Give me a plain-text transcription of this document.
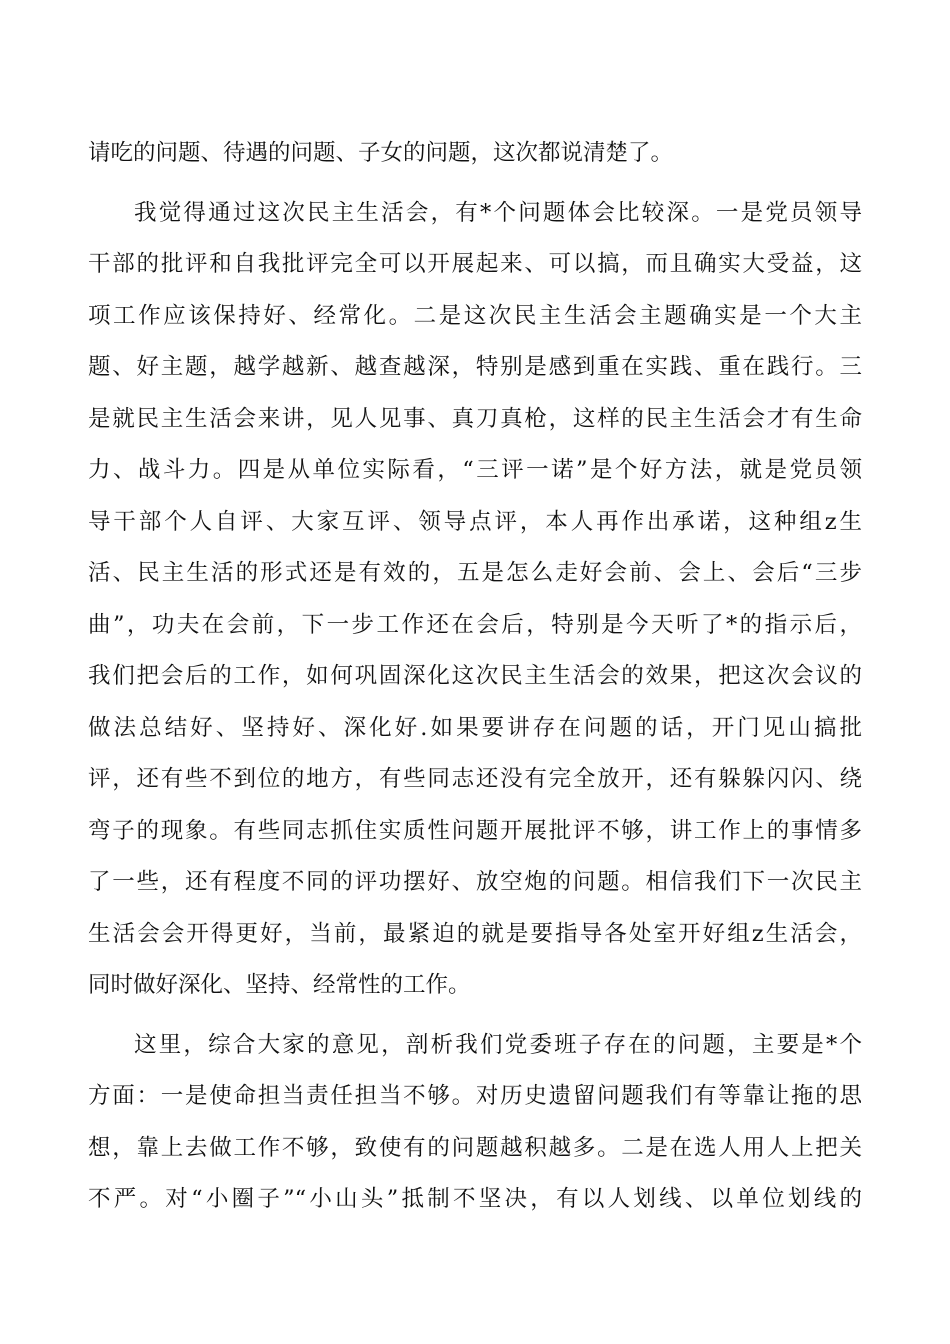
请吃的问题、待遇的问题、子女的问题，这次都说清楚了。
我觉得通过这次民主生活会，有*个问题体会比较深。一是党员领导
干部的批评和自我批评完全可以开展起来、可以搞，而且确实大受益，这
项工作应该保持好、经常化。二是这次民主生活会主题确实是一个大主
题、好主题，越学越新、越查越深，特别是感到重在实践、重在践行。三
是就民主生活会来讲，见人见事、真刀真枪，这样的民主生活会才有生命
力、战斗力。四是从单位实际看，“三评一诺”是个好方法，就是党员领
导干部个人自评、大家互评、领导点评，本人再作出承诺，这种组z生
活、民主生活的形式还是有效的，五是怎么走好会前、会上、会后“三步
曲”，功夫在会前，下一步工作还在会后，特别是今天听了*的指示后，
我们把会后的工作，如何巩固深化这次民主生活会的效果，把这次会议的
做法总结好、坚持好、深化好.如果要讲存在问题的话，开门见山搞批
评，还有些不到位的地方，有些同志还没有完全放开，还有躲躲闪闪、绕
弯子的现象。有些同志抓住实质性问题开展批评不够，讲工作上的事情多
了一些，还有程度不同的评功摆好、放空炮的问题。相信我们下一次民主
生活会会开得更好，当前，最紧迫的就是要指导各处室开好组z生活会，
同时做好深化、坚持、经常性的工作。
这里，综合大家的意见，剖析我们党委班子存在的问题，主要是*个
方面：一是使命担当责任担当不够。对历史遗留问题我们有等靠让拖的思
想，靠上去做工作不够，致使有的问题越积越多。二是在选人用人上把关
不严。对“小圈子”“小山头”抵制不坚决，有以人划线、以单位划线的
